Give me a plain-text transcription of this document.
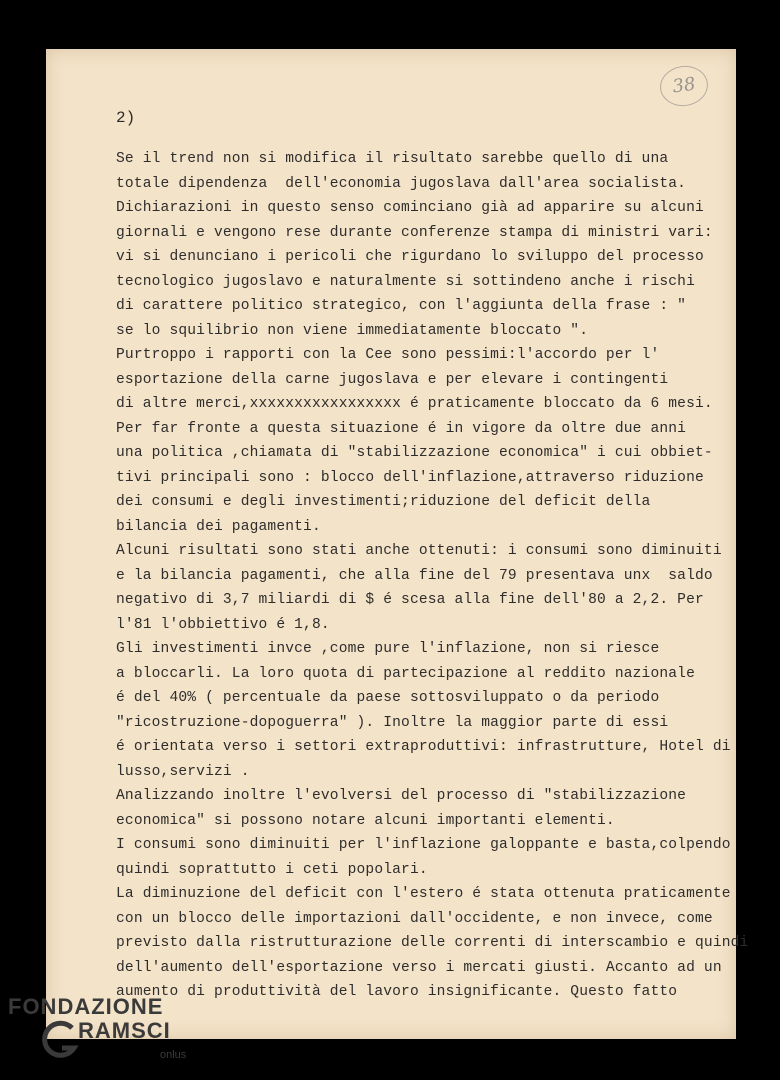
38
2)
Se il trend non si modifica il risultato sarebbe quello di una
totale dipendenza  dell'economia jugoslava dall'area socialista.
Dichiarazioni in questo senso cominciano già ad apparire su alcuni
giornali e vengono rese durante conferenze stampa di ministri vari:
vi si denunciano i pericoli che rigurdano lo sviluppo del processo
tecnologico jugoslavo e naturalmente si sottindeno anche i rischi
di carattere politico strategico, con l'aggiunta della frase : "
se lo squilibrio non viene immediatamente bloccato ".
Purtroppo i rapporti con la Cee sono pessimi:l'accordo per l'
esportazione della carne jugoslava e per elevare i contingenti
di altre merci,xxxxxxxxxxxxxxxxx é praticamente bloccato da 6 mesi.
Per far fronte a questa situazione é in vigore da oltre due anni
una politica ,chiamata di "stabilizzazione economica" i cui obbiet-
tivi principali sono : blocco dell'inflazione,attraverso riduzione
dei consumi e degli investimenti;riduzione del deficit della
bilancia dei pagamenti.
Alcuni risultati sono stati anche ottenuti: i consumi sono diminuiti
e la bilancia pagamenti, che alla fine del 79 presentava unx  saldo
negativo di 3,7 miliardi di $ é scesa alla fine dell'80 a 2,2. Per
l'81 l'obbiettivo é 1,8.
Gli investimenti invce ,come pure l'inflazione, non si riesce
a bloccarli. La loro quota di partecipazione al reddito nazionale
é del 40% ( percentuale da paese sottosviluppato o da periodo
"ricostruzione-dopoguerra" ). Inoltre la maggior parte di essi
é orientata verso i settori extraproduttivi: infrastrutture, Hotel di
lusso,servizi .
Analizzando inoltre l'evolversi del processo di "stabilizzazione
economica" si possono notare alcuni importanti elementi.
I consumi sono diminuiti per l'inflazione galoppante e basta,colpendo
quindi soprattutto i ceti popolari.
La diminuzione del deficit con l'estero é stata ottenuta praticamente
con un blocco delle importazioni dall'occidente, e non invece, come
previsto dalla ristrutturazione delle correnti di interscambio e quindi
dell'aumento dell'esportazione verso i mercati giusti. Accanto ad un
aumento di produttività del lavoro insignificante. Questo fatto
FONDAZIONE
RAMSCI
onlus
